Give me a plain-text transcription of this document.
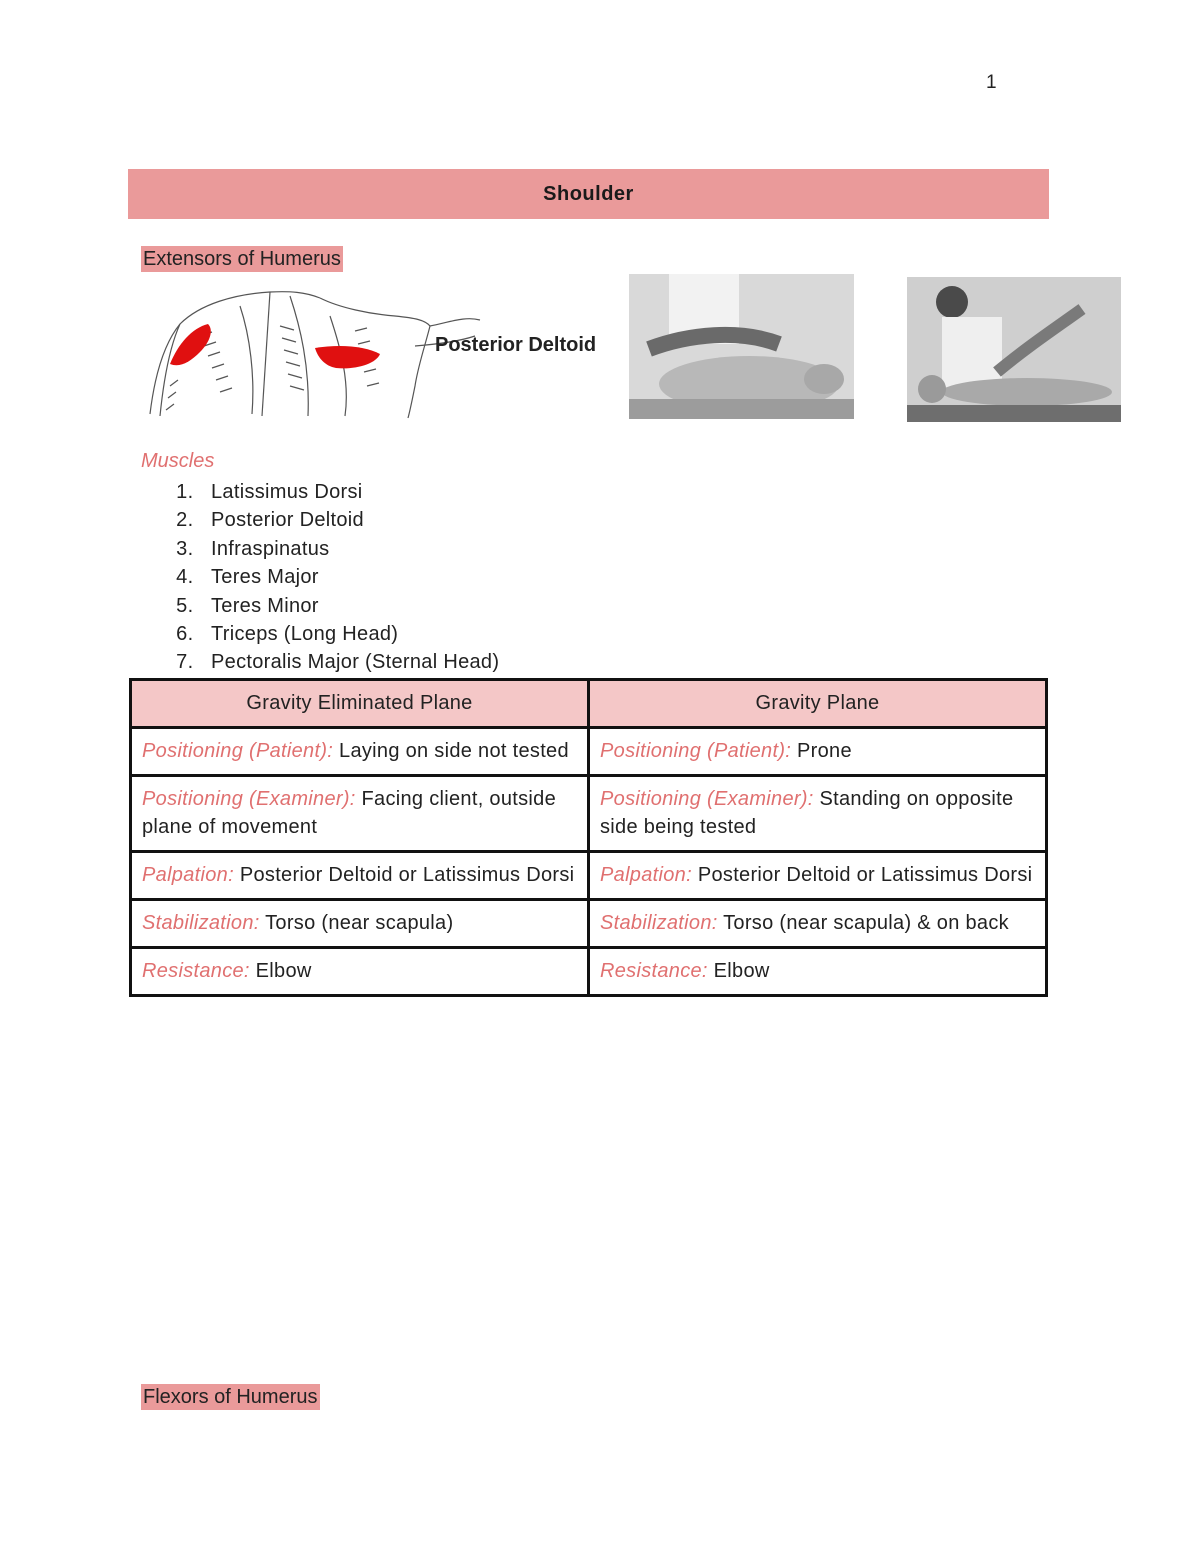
1
Shoulder
Extensors of Humerus
Posterior Deltoid
Muscles
1. Latissimus Dorsi
2. Posterior Deltoid
3. Infraspinatus
4. Teres Major
5. Teres Minor
6. Triceps (Long Head)
7. Pectoralis Major (Sternal Head)
Gravity Eliminated Plane	Gravity Plane
Positioning (Patient): Laying on side not tested	Positioning (Patient): Prone
Positioning (Examiner): Facing client, outside plane of movement	Positioning (Examiner): Standing on opposite side being tested
Palpation: Posterior Deltoid or Latissimus Dorsi	Palpation: Posterior Deltoid or Latissimus Dorsi
Stabilization: Torso (near scapula)	Stabilization: Torso (near scapula) & on back
Resistance: Elbow	Resistance: Elbow
Flexors of Humerus
